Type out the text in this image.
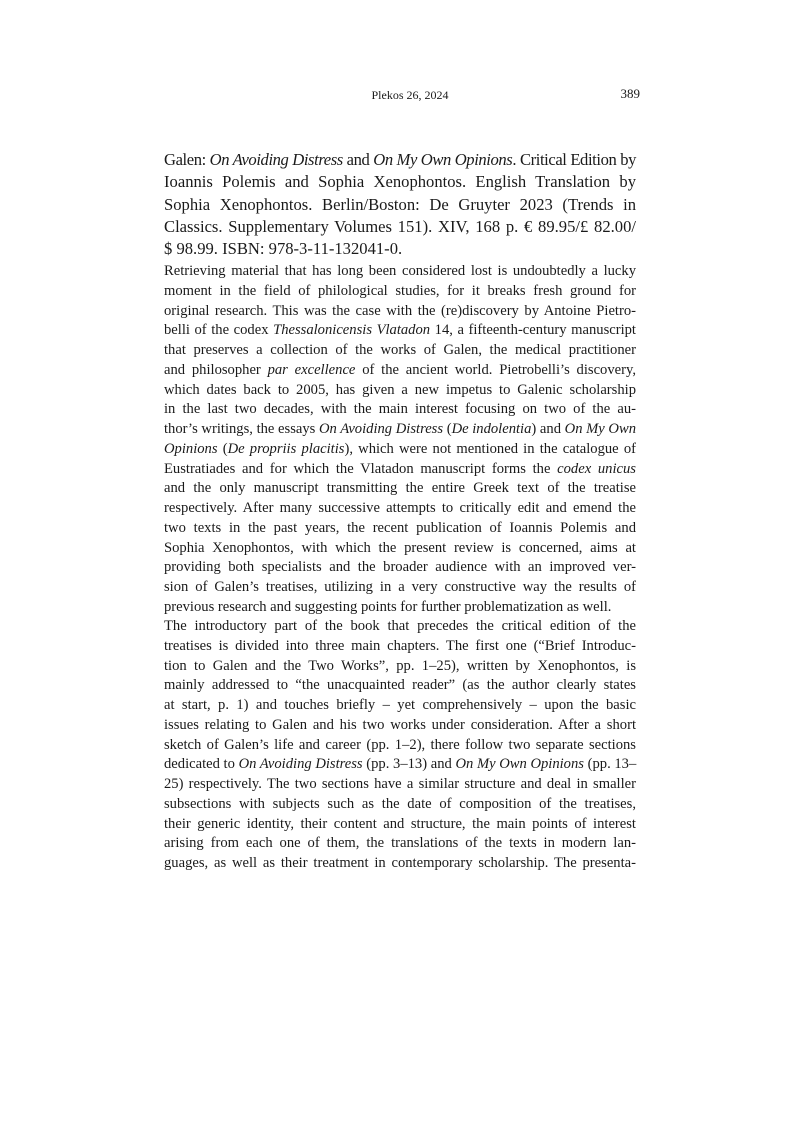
Plekos 26, 2024	389
Galen: On Avoiding Distress and On My Own Opinions. Critical Edition by
Ioannis Polemis and Sophia Xenophontos. English Translation by
Sophia Xenophontos. Berlin/Boston: De Gruyter 2023 (Trends in
Classics. Supplementary Volumes 151). XIV, 168 p. € 89.95/£ 82.00/
$ 98.99. ISBN: 978-3-11-132041-0.
Retrieving material that has long been considered lost is undoubtedly a lucky
moment in the field of philological studies, for it breaks fresh ground for
original research. This was the case with the (re)discovery by Antoine Pietro-
belli of the codex Thessalonicensis Vlatadon 14, a fifteenth-century manuscript
that preserves a collection of the works of Galen, the medical practitioner
and philosopher par excellence of the ancient world. Pietrobelli’s discovery,
which dates back to 2005, has given a new impetus to Galenic scholarship
in the last two decades, with the main interest focusing on two of the au-
thor’s writings, the essays On Avoiding Distress (De indolentia) and On My Own
Opinions (De propriis placitis), which were not mentioned in the catalogue of
Eustratiades and for which the Vlatadon manuscript forms the codex unicus
and the only manuscript transmitting the entire Greek text of the treatise
respectively. After many successive attempts to critically edit and emend the
two texts in the past years, the recent publication of Ioannis Polemis and
Sophia Xenophontos, with which the present review is concerned, aims at
providing both specialists and the broader audience with an improved ver-
sion of Galen’s treatises, utilizing in a very constructive way the results of
previous research and suggesting points for further problematization as well.
The introductory part of the book that precedes the critical edition of the
treatises is divided into three main chapters. The first one (“Brief Introduc-
tion to Galen and the Two Works”, pp. 1–25), written by Xenophontos, is
mainly addressed to “the unacquainted reader” (as the author clearly states
at start, p. 1) and touches briefly – yet comprehensively – upon the basic
issues relating to Galen and his two works under consideration. After a short
sketch of Galen’s life and career (pp. 1–2), there follow two separate sections
dedicated to On Avoiding Distress (pp. 3–13) and On My Own Opinions (pp. 13–
25) respectively. The two sections have a similar structure and deal in smaller
subsections with subjects such as the date of composition of the treatises,
their generic identity, their content and structure, the main points of interest
arising from each one of them, the translations of the texts in modern lan-
guages, as well as their treatment in contemporary scholarship. The presenta-
